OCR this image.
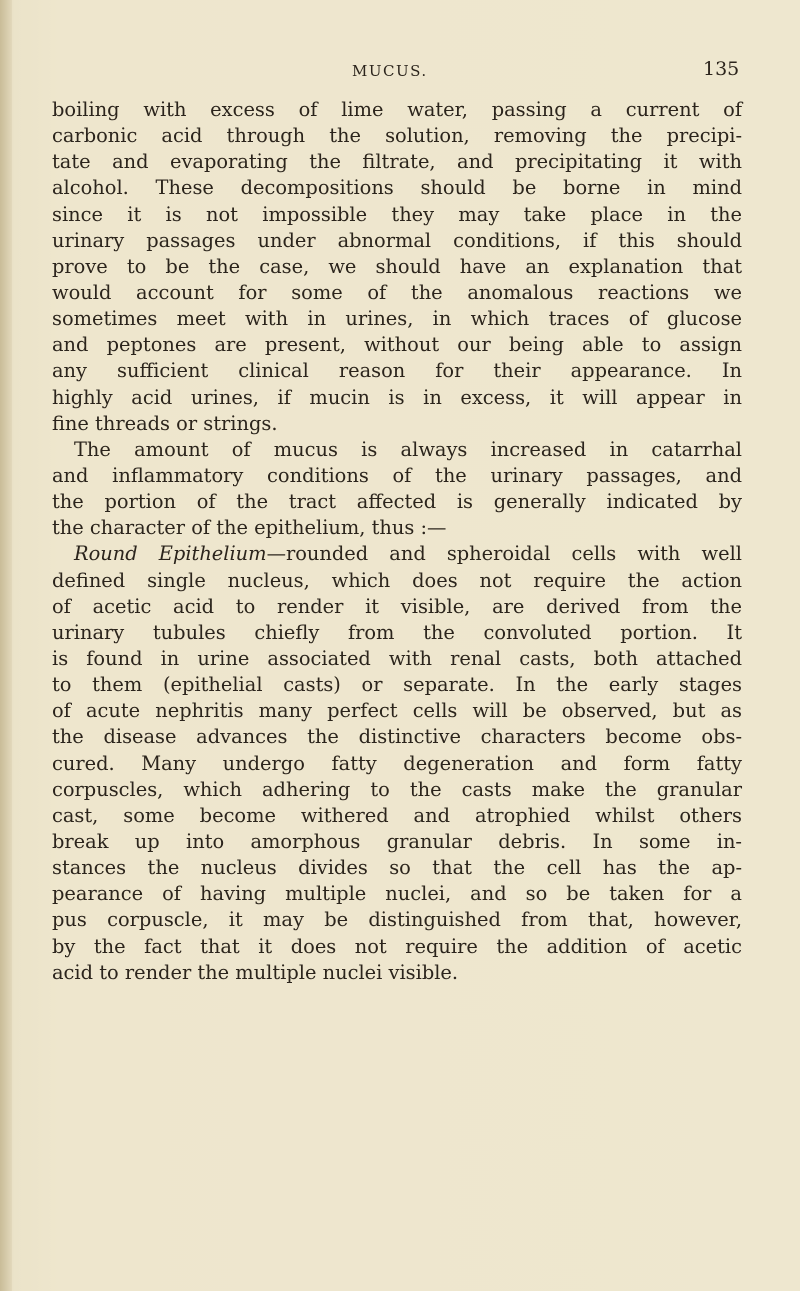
MUCUS.	135
boiling with excess of lime water, passing a current of
carbonic acid through the solution, removing the precipi-
tate and evaporating the filtrate, and precipitating it with
alcohol. These decompositions should be borne in mind
since it is not impossible they may take place in the
urinary passages under abnormal conditions, if this should
prove to be the case, we should have an explanation that
would account for some of the anomalous reactions we
sometimes meet with in urines, in which traces of glucose
and peptones are present, without our being able to assign
any sufficient clinical reason for their appearance. In
highly acid urines, if mucin is in excess, it will appear in
fine threads or strings.
The amount of mucus is always increased in catarrhal
and inflammatory conditions of the urinary passages, and
the portion of the tract affected is generally indicated by
the character of the epithelium, thus :—
Round Epithelium—rounded and spheroidal cells with well
defined single nucleus, which does not require the action
of acetic acid to render it visible, are derived from the
urinary tubules chiefly from the convoluted portion. It
is found in urine associated with renal casts, both attached
to them (epithelial casts) or separate. In the early stages
of acute nephritis many perfect cells will be observed, but as
the disease advances the distinctive characters become obs-
cured. Many undergo fatty degeneration and form fatty
corpuscles, which adhering to the casts make the granular
cast, some become withered and atrophied whilst others
break up into amorphous granular debris. In some in-
stances the nucleus divides so that the cell has the ap-
pearance of having multiple nuclei, and so be taken for a
pus corpuscle, it may be distinguished from that, however,
by the fact that it does not require the addition of acetic
acid to render the multiple nuclei visible.
